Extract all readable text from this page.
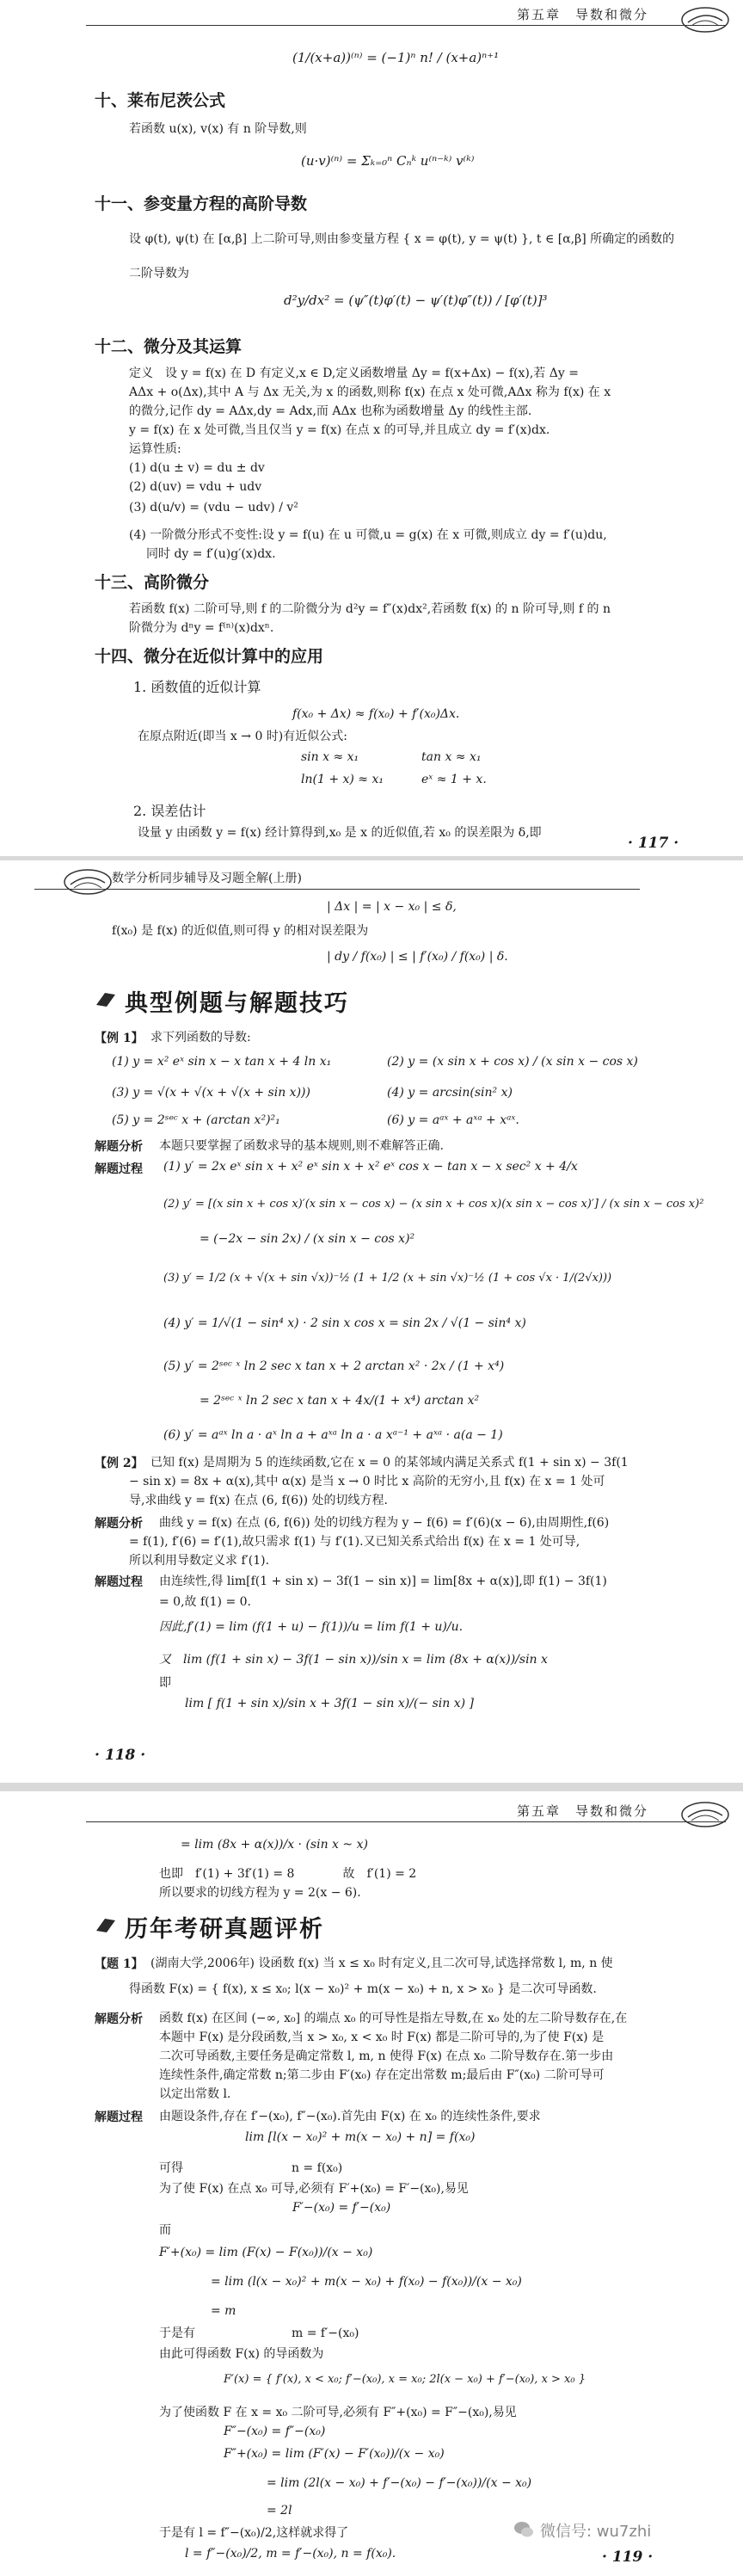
第五章　导数和微分
(1/(x+a))⁽ⁿ⁾ = (−1)ⁿ n! / (x+a)ⁿ⁺¹
十、莱布尼茨公式
若函数 u(x), v(x) 有 n 阶导数,则
(u·v)⁽ⁿ⁾ = Σₖ₌₀ⁿ Cₙᵏ u⁽ⁿ⁻ᵏ⁾ v⁽ᵏ⁾
十一、参变量方程的高阶导数
设 φ(t), ψ(t) 在 [α,β] 上二阶可导,则由参变量方程 { x = φ(t), y = ψ(t) }, t ∈ [α,β] 所确定的函数的
二阶导数为
d²y/dx² = (ψ″(t)φ′(t) − ψ′(t)φ″(t)) / [φ′(t)]³
十二、微分及其运算
定义　设 y = f(x) 在 D 有定义,x ∈ D,定义函数增量 Δy = f(x+Δx) − f(x),若 Δy =
AΔx + o(Δx),其中 A 与 Δx 无关,为 x 的函数,则称 f(x) 在点 x 处可微,AΔx 称为 f(x) 在 x
的微分,记作 dy = AΔx,dy = Adx,而 AΔx 也称为函数增量 Δy 的线性主部.
y = f(x) 在 x 处可微,当且仅当 y = f(x) 在点 x 的可导,并且成立 dy = f′(x)dx.
运算性质:
(1) d(u ± v) = du ± dv
(2) d(uv) = vdu + udv
(3) d(u/v) = (vdu − udv) / v²
(4) 一阶微分形式不变性:设 y = f(u) 在 u 可微,u = g(x) 在 x 可微,则成立 dy = f′(u)du,
同时 dy = f′(u)g′(x)dx.
十三、高阶微分
若函数 f(x) 二阶可导,则 f 的二阶微分为 d²y = f″(x)dx²,若函数 f(x) 的 n 阶可导,则 f 的 n
阶微分为 dⁿy = f⁽ⁿ⁾(x)dxⁿ.
十四、微分在近似计算中的应用
1. 函数值的近似计算
f(x₀ + Δx) ≈ f(x₀) + f′(x₀)Δx.
在原点附近(即当 x → 0 时)有近似公式:
sin x ≈ x₁	tan x ≈ x₁
ln(1 + x) ≈ x₁	eˣ ≈ 1 + x.
2. 误差估计
设量 y 由函数 y = f(x) 经计算得到,x₀ 是 x 的近似值,若 x₀ 的误差限为 δ,即
· 117 ·
数学分析同步辅导及习题全解(上册)
| Δx | = | x − x₀ | ≤ δ,
f(x₀) 是 f(x) 的近似值,则可得 y 的相对误差限为
| dy / f(x₀) | ≤ | f′(x₀) / f(x₀) | δ.
典型例题与解题技巧
【例 1】 求下列函数的导数:
(1) y = x² eˣ sin x − x tan x + 4 ln x₁	(2) y = (x sin x + cos x) / (x sin x − cos x)
(3) y = √(x + √(x + √(x + sin x)))	(4) y = arcsin(sin² x)
(5) y = 2ˢᵉᶜ x + (arctan x²)²₁	(6) y = aᵃˣ + aˣᵃ + xᵃˣ.
解题分析 本题只要掌握了函数求导的基本规则,则不难解答正确.
解题过程 (1) y′ = 2x eˣ sin x + x² eˣ sin x + x² eˣ cos x − tan x − x sec² x + 4/x
(2) y′ = [(x sin x + cos x)′(x sin x − cos x) − (x sin x + cos x)(x sin x − cos x)′] / (x sin x − cos x)²
= (−2x − sin 2x) / (x sin x − cos x)²
(3) y′ = 1/2 (x + √(x + sin √x))⁻½ (1 + 1/2 (x + sin √x)⁻½ (1 + cos √x · 1/(2√x)))
(4) y′ = 1/√(1 − sin⁴ x) · 2 sin x cos x = sin 2x / √(1 − sin⁴ x)
(5) y′ = 2ˢᵉᶜ ˣ ln 2 sec x tan x + 2 arctan x² · 2x / (1 + x⁴)
= 2ˢᵉᶜ ˣ ln 2 sec x tan x + 4x/(1 + x⁴) arctan x²
(6) y′ = aᵃˣ ln a · aˣ ln a + aˣᵃ ln a · a xᵃ⁻¹ + aˣᵃ · a(a − 1)
【例 2】 已知 f(x) 是周期为 5 的连续函数,它在 x = 0 的某邻域内满足关系式 f(1 + sin x) − 3f(1
− sin x) = 8x + α(x),其中 α(x) 是当 x → 0 时比 x 高阶的无穷小,且 f(x) 在 x = 1 处可
导,求曲线 y = f(x) 在点 (6, f(6)) 处的切线方程.
解题分析 曲线 y = f(x) 在点 (6, f(6)) 处的切线方程为 y − f(6) = f′(6)(x − 6),由周期性,f(6)
= f(1), f′(6) = f′(1),故只需求 f(1) 与 f′(1).又已知关系式给出 f(x) 在 x = 1 处可导,
所以利用导数定义求 f′(1).
解题过程 由连续性,得 lim[f(1 + sin x) − 3f(1 − sin x)] = lim[8x + α(x)],即 f(1) − 3f(1)
= 0,故 f(1) = 0.
因此,f′(1) = lim (f(1 + u) − f(1))/u = lim f(1 + u)/u.
又　lim (f(1 + sin x) − 3f(1 − sin x))/sin x = lim (8x + α(x))/sin x
即
lim [ f(1 + sin x)/sin x + 3f(1 − sin x)/(− sin x) ]
· 118 ·
第五章　导数和微分
= lim (8x + α(x))/x · (sin x ~ x)
也即　f′(1) + 3f′(1) = 8　　　　故　f′(1) = 2
所以要求的切线方程为 y = 2(x − 6).
历年考研真题评析
【题 1】 (湖南大学,2006年) 设函数 f(x) 当 x ≤ x₀ 时有定义,且二次可导,试选择常数 l, m, n 使
得函数 F(x) = { f(x), x ≤ x₀; l(x − x₀)² + m(x − x₀) + n, x > x₀ } 是二次可导函数.
解题分析 函数 f(x) 在区间 (−∞, x₀] 的端点 x₀ 的可导性是指左导数,在 x₀ 处的左二阶导数存在,在
本题中 F(x) 是分段函数,当 x > x₀, x < x₀ 时 F(x) 都是二阶可导的,为了使 F(x) 是
二次可导函数,主要任务是确定常数 l, m, n 使得 F(x) 在点 x₀ 二阶导数存在.第一步由
连续性条件,确定常数 n;第二步由 F′(x₀) 存在定出常数 m;最后由 F″(x₀) 二阶可导可
以定出常数 l.
解题过程 由题设条件,存在 f′−(x₀), f″−(x₀).首先由 F(x) 在 x₀ 的连续性条件,要求
lim [l(x − x₀)² + m(x − x₀) + n] = f(x₀)
可得　　　　　　　　　n = f(x₀)
为了使 F(x) 在点 x₀ 可导,必须有 F′+(x₀) = F′−(x₀),易见
F′−(x₀) = f′−(x₀)
而
F′+(x₀) = lim (F(x) − F(x₀))/(x − x₀)
= lim (l(x − x₀)² + m(x − x₀) + f(x₀) − f(x₀))/(x − x₀)
= m
于是有　　　　　　　　m = f′−(x₀)
由此可得函数 F(x) 的导函数为
F′(x) = { f′(x), x < x₀; f′−(x₀), x = x₀; 2l(x − x₀) + f′−(x₀), x > x₀ }
为了使函数 F 在 x = x₀ 二阶可导,必须有 F″+(x₀) = F″−(x₀),易见
F″−(x₀) = f″−(x₀)
F″+(x₀) = lim (F′(x) − F′(x₀))/(x − x₀)
= lim (2l(x − x₀) + f′−(x₀) − f′−(x₀))/(x − x₀)
= 2l
于是有 l = f″−(x₀)/2,这样就求得了
l = f″−(x₀)/2, m = f′−(x₀), n = f(x₀).
微信号: wu7zhi
· 119 ·
